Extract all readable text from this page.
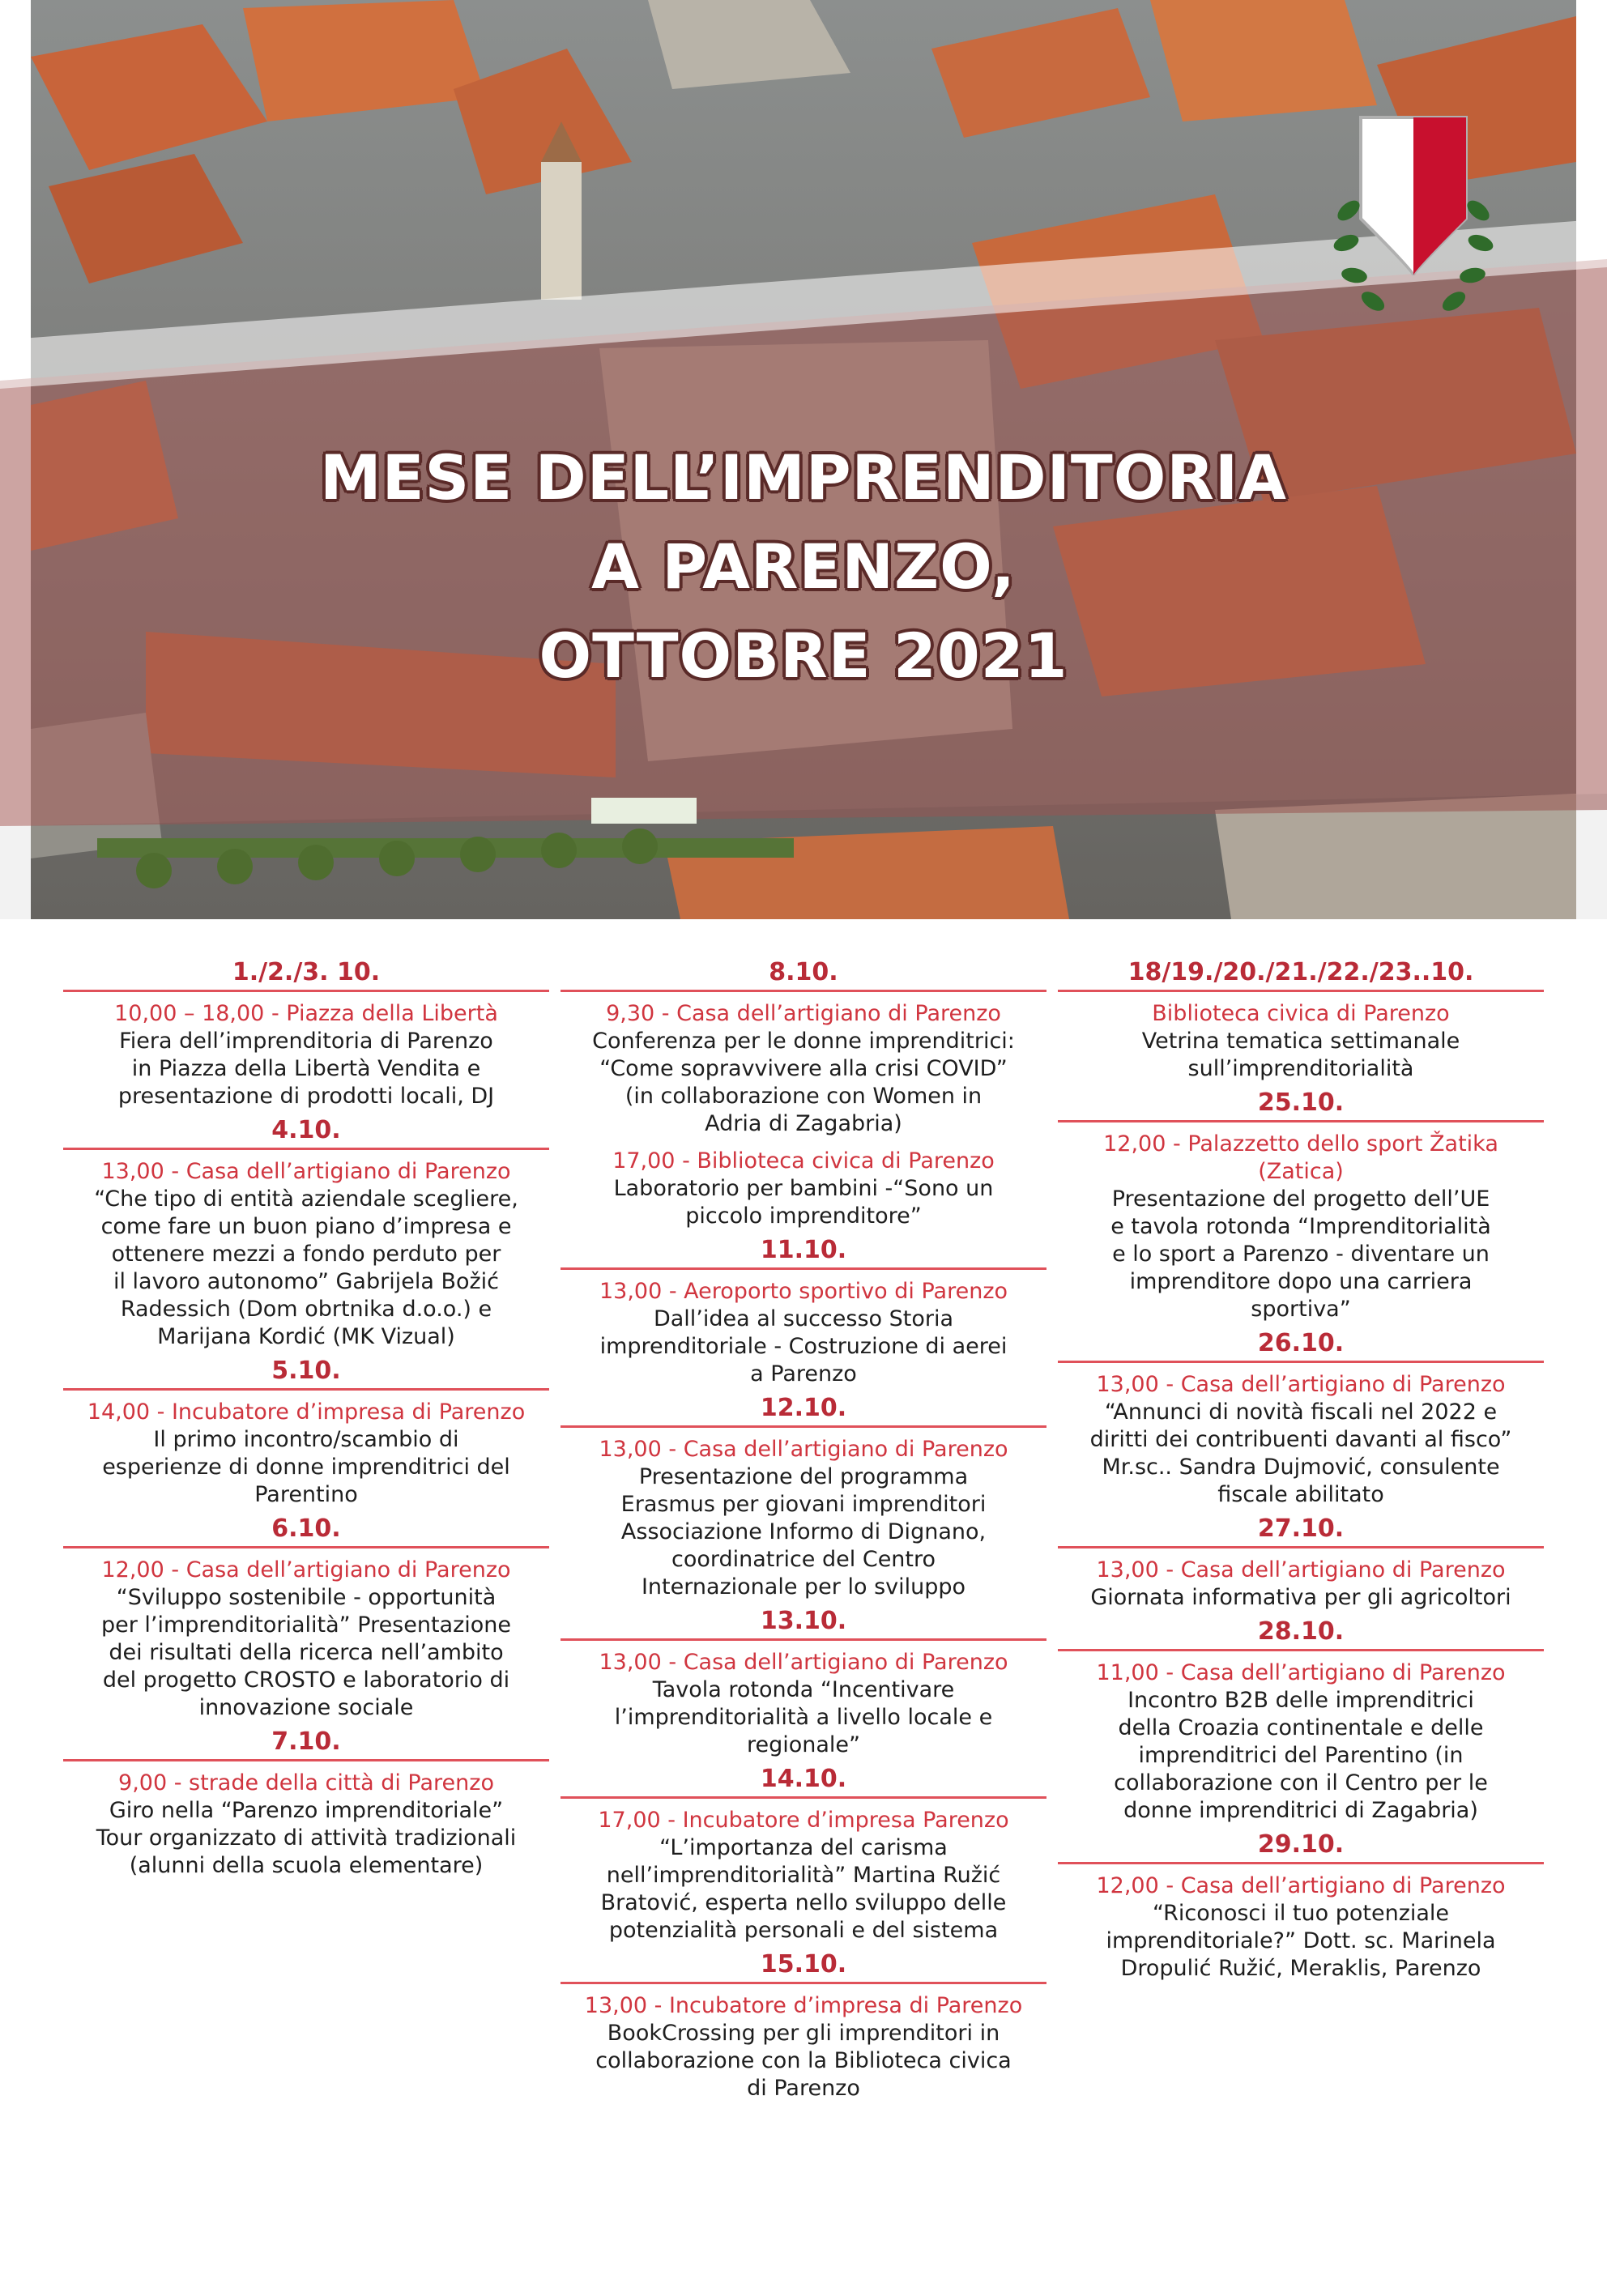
MESE DELL’IMPRENDITORIA
A PARENZO,
OTTOBRE 2021
1./2./3. 10.
10,00 – 18,00 - Piazza della Libertà
Fiera dell’imprenditoria di Parenzo
in Piazza della Libertà Vendita e
presentazione di prodotti locali, DJ
4.10.
13,00 - Casa dell’artigiano di Parenzo
“Che tipo di entità aziendale scegliere,
come fare un buon piano d’impresa e
ottenere mezzi a fondo perduto per
il lavoro autonomo” Gabrijela Božić
Radessich (Dom obrtnika d.o.o.) e
Marijana Kordić (MK Vizual)
5.10.
14,00 - Incubatore d’impresa di Parenzo
Il primo incontro/scambio di
esperienze di donne imprenditrici del
Parentino
6.10.
12,00 - Casa dell’artigiano di Parenzo
“Sviluppo sostenibile - opportunità
per l’imprenditorialità” Presentazione
dei risultati della ricerca nell’ambito
del progetto CROSTO e laboratorio di
innovazione sociale
7.10.
9,00 - strade della città di Parenzo
Giro nella “Parenzo imprenditoriale”
Tour organizzato di attività tradizionali
(alunni della scuola elementare)
8.10.
9,30 - Casa dell’artigiano di Parenzo
Conferenza per le donne imprenditrici:
“Come sopravvivere alla crisi COVID”
(in collaborazione con Women in
Adria di Zagabria)
17,00 - Biblioteca civica di Parenzo
Laboratorio per bambini -“Sono un
piccolo imprenditore”
11.10.
13,00 - Aeroporto sportivo di Parenzo
Dall’idea al successo Storia
imprenditoriale - Costruzione di aerei
a Parenzo
12.10.
13,00 - Casa dell’artigiano di Parenzo
Presentazione del programma
Erasmus per giovani imprenditori
Associazione Informo di Dignano,
coordinatrice del Centro
Internazionale per lo sviluppo
13.10.
13,00 - Casa dell’artigiano di Parenzo
Tavola rotonda “Incentivare
l’imprenditorialità a livello locale e
regionale”
14.10.
17,00 - Incubatore d’impresa Parenzo
“L’importanza del carisma
nell’imprenditorialità” Martina Ružić
Bratović, esperta nello sviluppo delle
potenzialità personali e del sistema
15.10.
13,00 - Incubatore d’impresa di Parenzo
BookCrossing per gli imprenditori in
collaborazione con la Biblioteca civica
di Parenzo
18/19./20./21./22./23..10.
Biblioteca civica di Parenzo
Vetrina tematica settimanale
sull’imprenditorialità
25.10.
12,00 - Palazzetto dello sport Žatika
(Zatica)
Presentazione del progetto dell’UE
e tavola rotonda “Imprenditorialità
e lo sport a Parenzo - diventare un
imprenditore dopo una carriera
sportiva”
26.10.
13,00 - Casa dell’artigiano di Parenzo
“Annunci di novità fiscali nel 2022 e
diritti dei contribuenti davanti al fisco”
Mr.sc.. Sandra Dujmović, consulente
fiscale abilitato
27.10.
13,00 - Casa dell’artigiano di Parenzo
Giornata informativa per gli agricoltori
28.10.
11,00 - Casa dell’artigiano di Parenzo
Incontro B2B delle imprenditrici
della Croazia continentale e delle
imprenditrici del Parentino (in
collaborazione con il Centro per le
donne imprenditrici di Zagabria)
29.10.
12,00 - Casa dell’artigiano di Parenzo
“Riconosci il tuo potenziale
imprenditoriale?” Dott. sc. Marinela
Dropulić Ružić, Meraklis, Parenzo
